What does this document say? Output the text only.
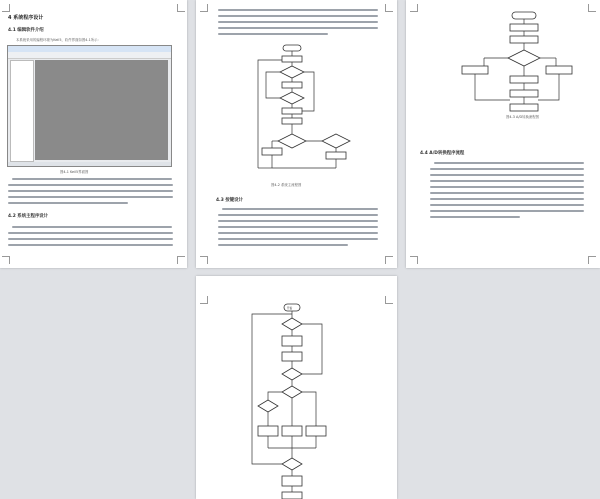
4 系统程序设计
4.1 编辑软件介绍
本系统采用的编程环境为Keil5，软件界面如图4-1所示：
图4-1 Keil5界面图
4.2 系统主程序设计
图4-2 系统主流程图
4.3 按键设计
图4-3 A/D转换流程图
4.4 A/D转换程序流程
开始
